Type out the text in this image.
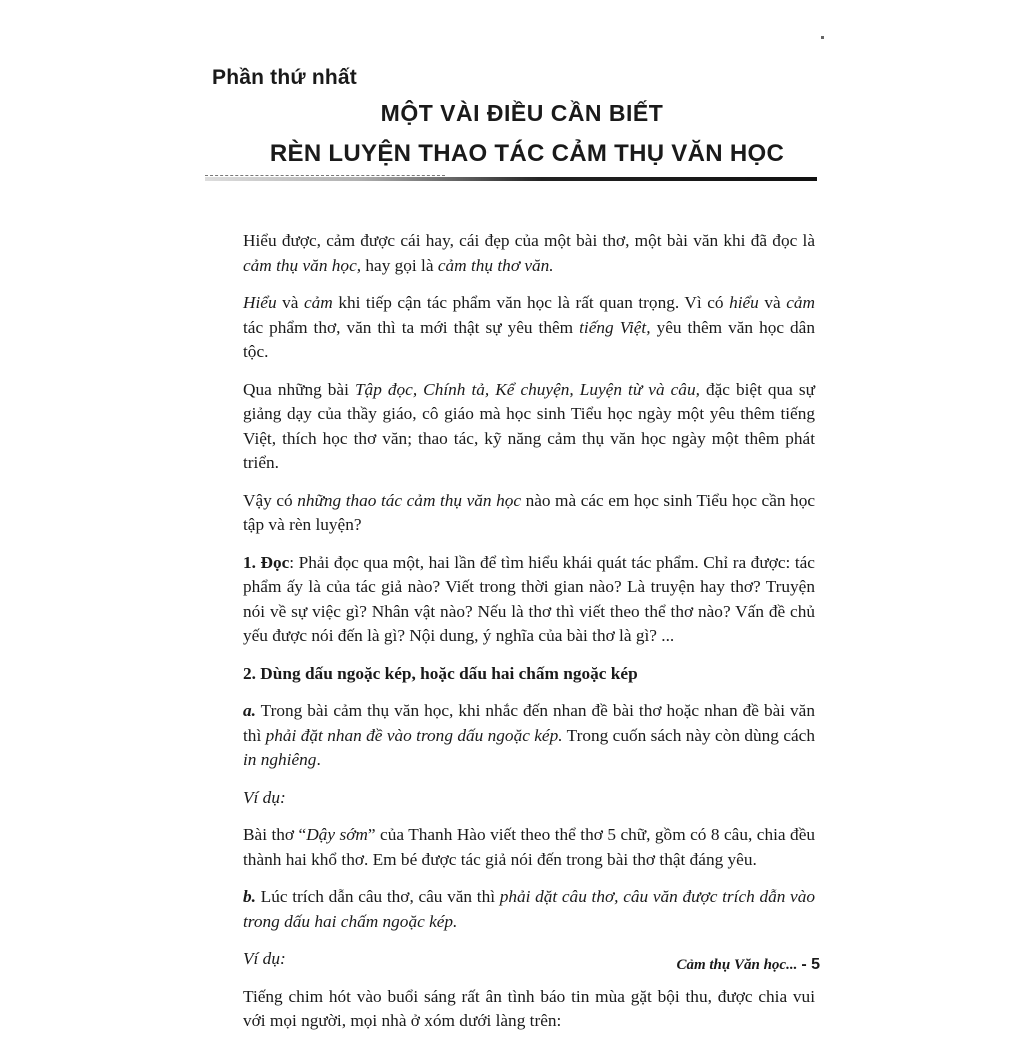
Phần thứ nhất
MỘT VÀI ĐIỀU CẦN BIẾT
RÈN LUYỆN THAO TÁC CẢM THỤ VĂN HỌC

Hiểu được, cảm được cái hay, cái đẹp của một bài thơ, một bài văn khi đã đọc là cảm thụ văn học, hay gọi là cảm thụ thơ văn.

Hiểu và cảm khi tiếp cận tác phẩm văn học là rất quan trọng. Vì có hiểu và cảm tác phẩm thơ, văn thì ta mới thật sự yêu thêm tiếng Việt, yêu thêm văn học dân tộc.

Qua những bài Tập đọc, Chính tả, Kể chuyện, Luyện từ và câu, đặc biệt qua sự giảng dạy của thầy giáo, cô giáo mà học sinh Tiểu học ngày một yêu thêm tiếng Việt, thích học thơ văn; thao tác, kỹ năng cảm thụ văn học ngày một thêm phát triển.

Vậy có những thao tác cảm thụ văn học nào mà các em học sinh Tiểu học cần học tập và rèn luyện?

1. Đọc: Phải đọc qua một, hai lần để tìm hiểu khái quát tác phẩm. Chỉ ra được: tác phẩm ấy là của tác giả nào? Viết trong thời gian nào? Là truyện hay thơ? Truyện nói về sự việc gì? Nhân vật nào? Nếu là thơ thì viết theo thể thơ nào? Vấn đề chủ yếu được nói đến là gì? Nội dung, ý nghĩa của bài thơ là gì? ...

2. Dùng dấu ngoặc kép, hoặc dấu hai chấm ngoặc kép

a. Trong bài cảm thụ văn học, khi nhắc đến nhan đề bài thơ hoặc nhan đề bài văn thì phải đặt nhan đề vào trong dấu ngoặc kép. Trong cuốn sách này còn dùng cách in nghiêng.

Ví dụ:

Bài thơ “Dậy sớm” của Thanh Hào viết theo thể thơ 5 chữ, gồm có 8 câu, chia đều thành hai khổ thơ. Em bé được tác giả nói đến trong bài thơ thật đáng yêu.

b. Lúc trích dẫn câu thơ, câu văn thì phải dặt câu thơ, câu văn được trích dẫn vào trong dấu hai chấm ngoặc kép.

Ví dụ:

Tiếng chim hót vào buổi sáng rất ân tình báo tin mùa gặt bội thu, được chia vui với mọi người, mọi nhà ở xóm dưới làng trên:

Cảm thụ Văn học... - 5
